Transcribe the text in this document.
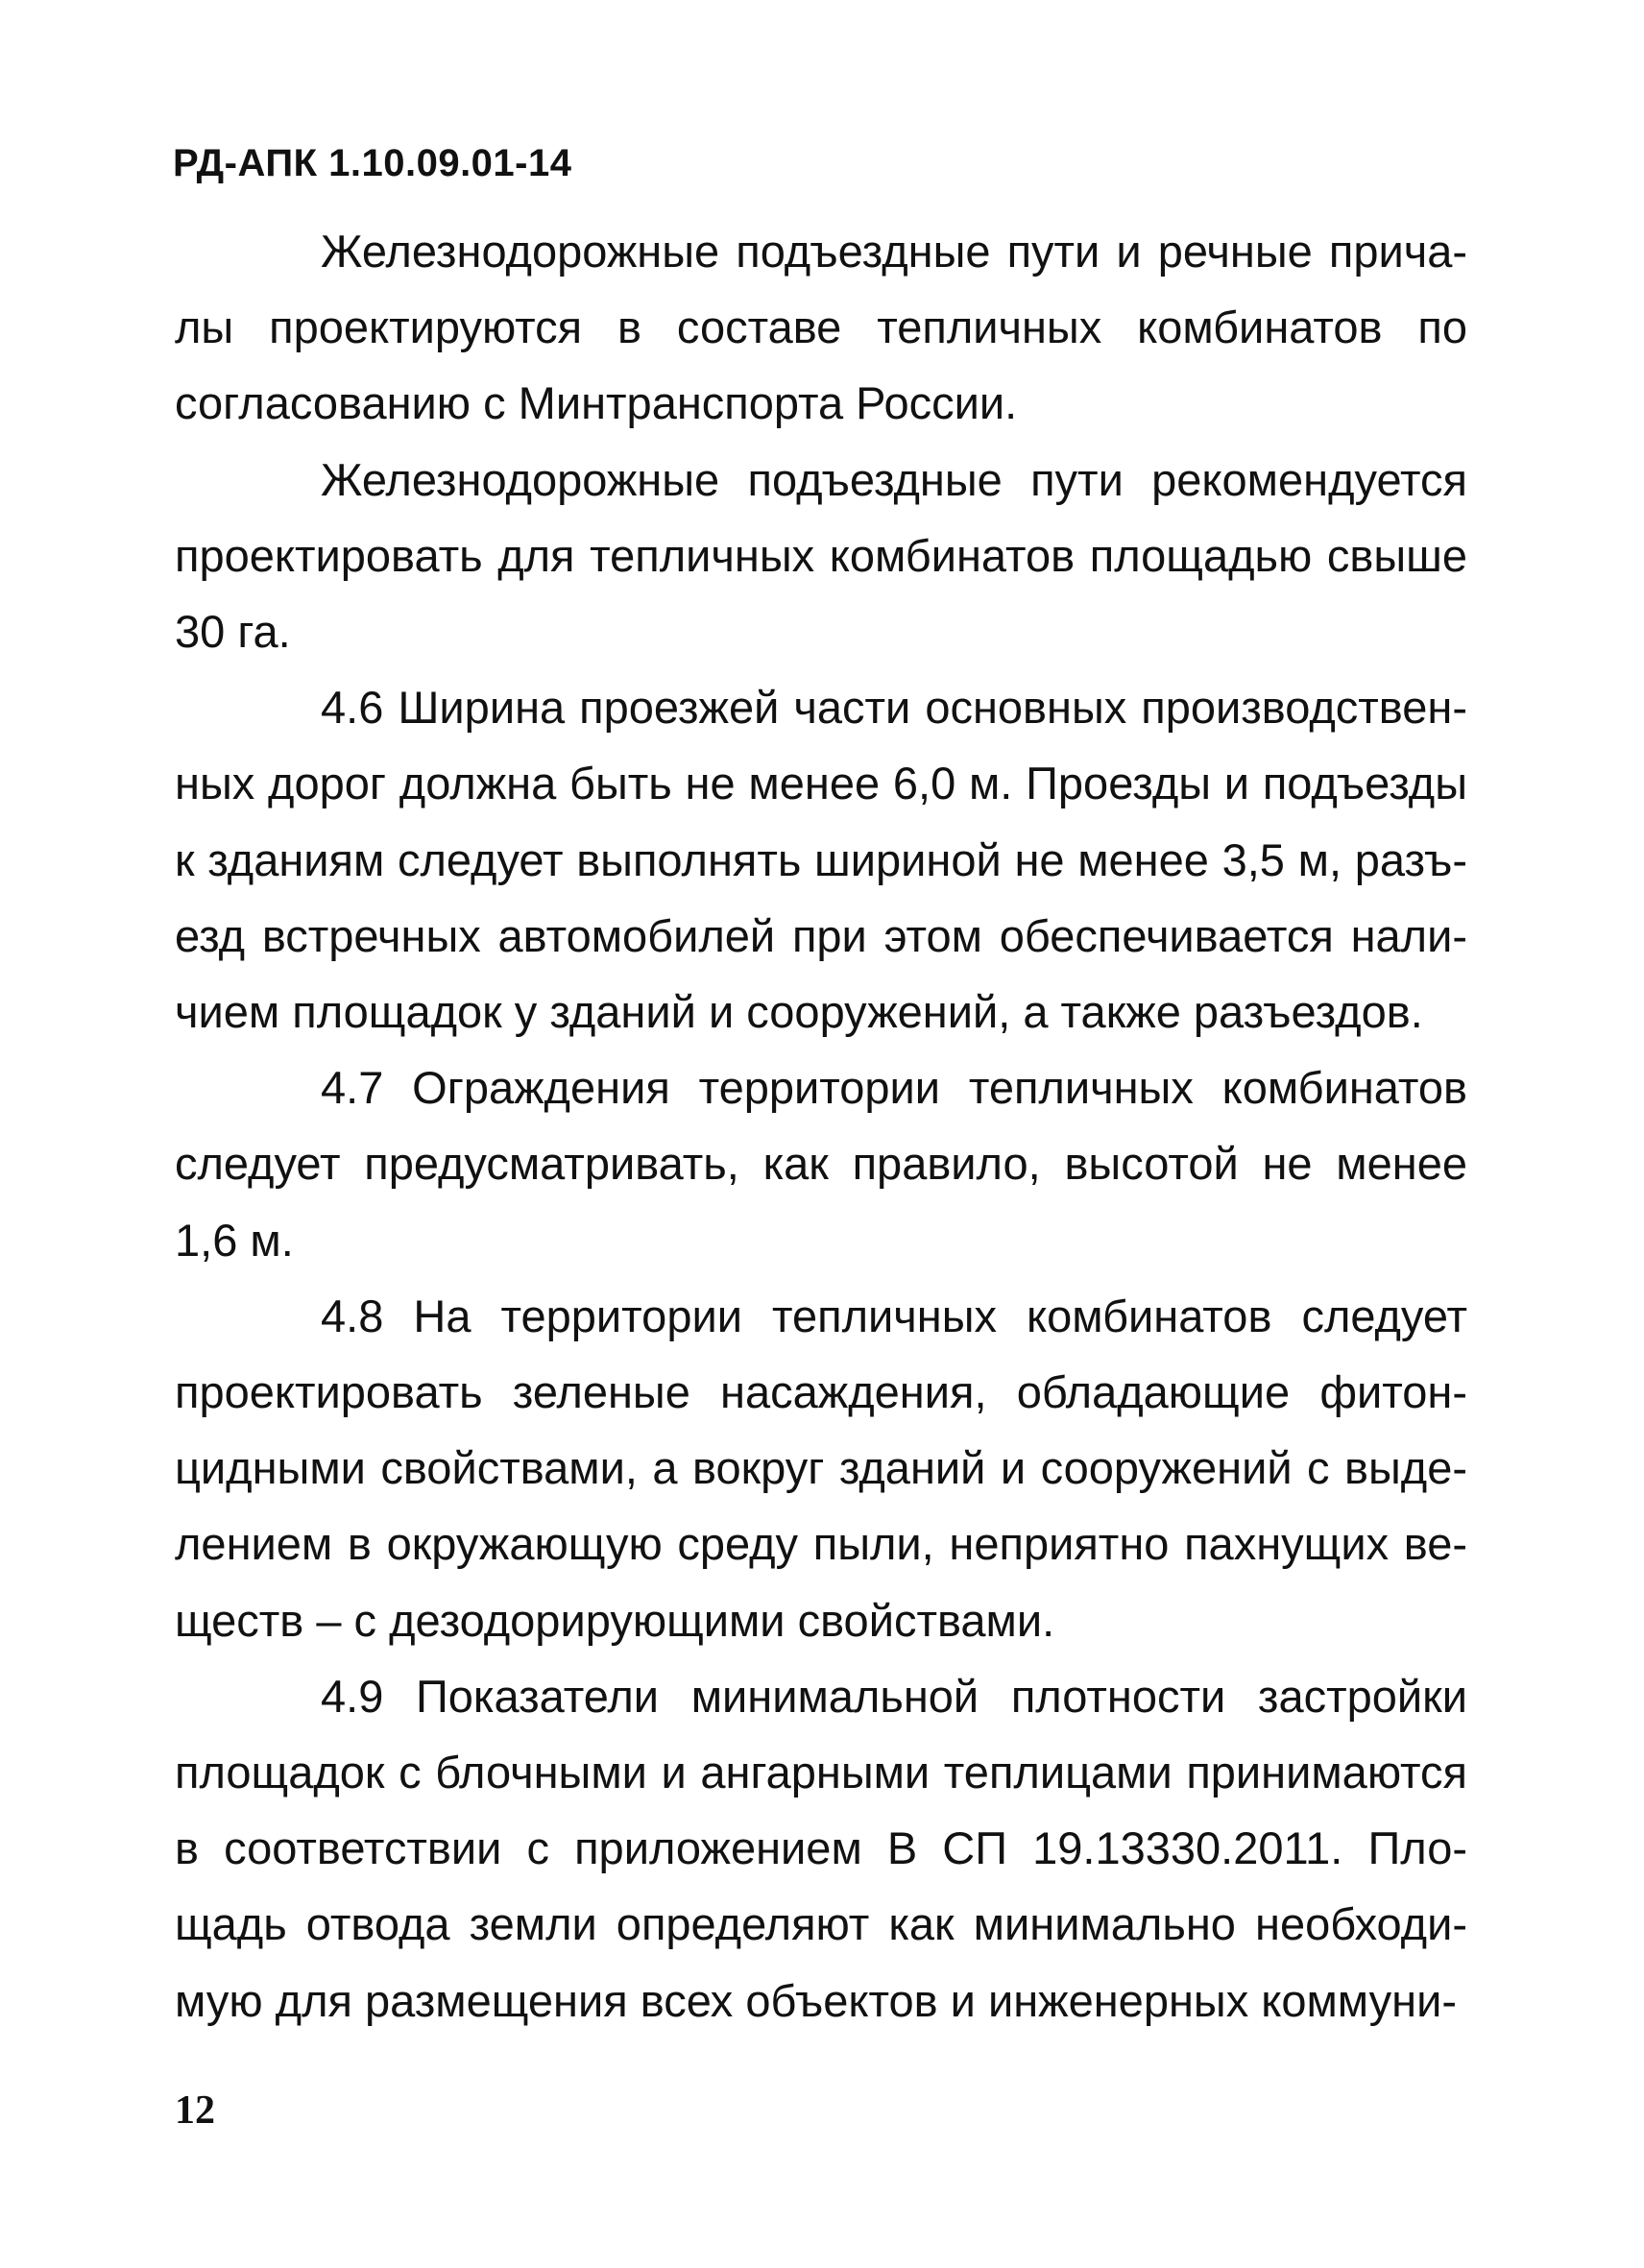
РД-АПК 1.10.09.01-14

Железнодорожные подъездные пути и речные причалы проектируются в составе тепличных комбинатов по согласованию с Минтранспорта России.

Железнодорожные подъездные пути рекомендуется проектировать для тепличных комбинатов площадью свыше 30 га.

4.6 Ширина проезжей части основных производственных дорог должна быть не менее 6,0 м. Проезды и подъезды к зданиям следует выполнять шириной не менее 3,5 м, разъезд встречных автомобилей при этом обеспечивается наличием площадок у зданий и сооружений, а также разъездов.

4.7 Ограждения территории тепличных комбинатов следует предусматривать, как правило, высотой не менее 1,6 м.

4.8 На территории тепличных комбинатов следует проектировать зеленые насаждения, обладающие фитонцидными свойствами, а вокруг зданий и сооружений с выделением в окружающую среду пыли, неприятно пахнущих веществ – с дезодорирующими свойствами.

4.9 Показатели минимальной плотности застройки площадок с блочными и ангарными теплицами принимаются в соответствии с приложением В СП 19.13330.2011. Площадь отвода земли определяют как минимально необходимую для размещения всех объектов и инженерных коммуни-

12
